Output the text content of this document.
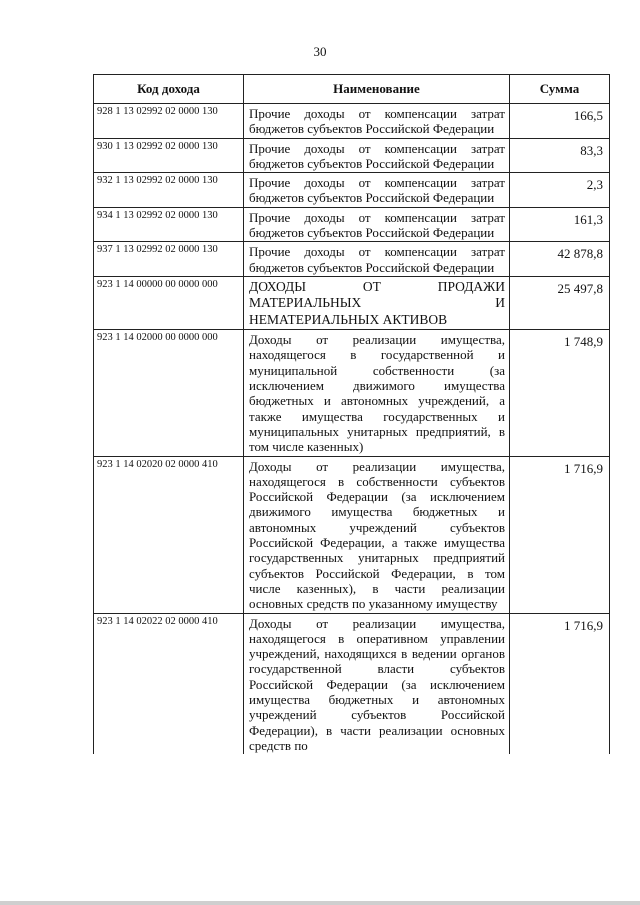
30
Код дохода	Наименование	Сумма
928 1 13 02992 02 0000 130	Прочие доходы от компенсации затрат бюджетов субъектов Российской Федерации	166,5
930 1 13 02992 02 0000 130	Прочие доходы от компенсации затрат бюджетов субъектов Российской Федерации	83,3
932 1 13 02992 02 0000 130	Прочие доходы от компенсации затрат бюджетов субъектов Российской Федерации	2,3
934 1 13 02992 02 0000 130	Прочие доходы от компенсации затрат бюджетов субъектов Российской Федерации	161,3
937 1 13 02992 02 0000 130	Прочие доходы от компенсации затрат бюджетов субъектов Российской Федерации	42 878,8
923 1 14 00000 00 0000 000	ДОХОДЫ ОТ ПРОДАЖИ МАТЕРИАЛЬНЫХ И НЕМАТЕРИАЛЬНЫХ АКТИВОВ	25 497,8
923 1 14 02000 00 0000 000	Доходы от реализации имущества, находящегося в государственной и муниципальной собственности (за исключением движимого имущества бюджетных и автономных учреждений, а также имущества государственных и муниципальных унитарных предприятий, в том числе казенных)	1 748,9
923 1 14 02020 02 0000 410	Доходы от реализации имущества, находящегося в собственности субъектов Российской Федерации (за исключением движимого имущества бюджетных и автономных учреждений субъектов Российской Федерации, а также имущества государственных унитарных предприятий субъектов Российской Федерации, в том числе казенных), в части реализации основных средств по указанному имуществу	1 716,9
923 1 14 02022 02 0000 410	Доходы от реализации имущества, находящегося в оперативном управлении учреждений, находящихся в ведении органов государственной власти субъектов Российской Федерации (за исключением имущества бюджетных и автономных учреждений субъектов Российской Федерации), в части реализации основных средств по	1 716,9
